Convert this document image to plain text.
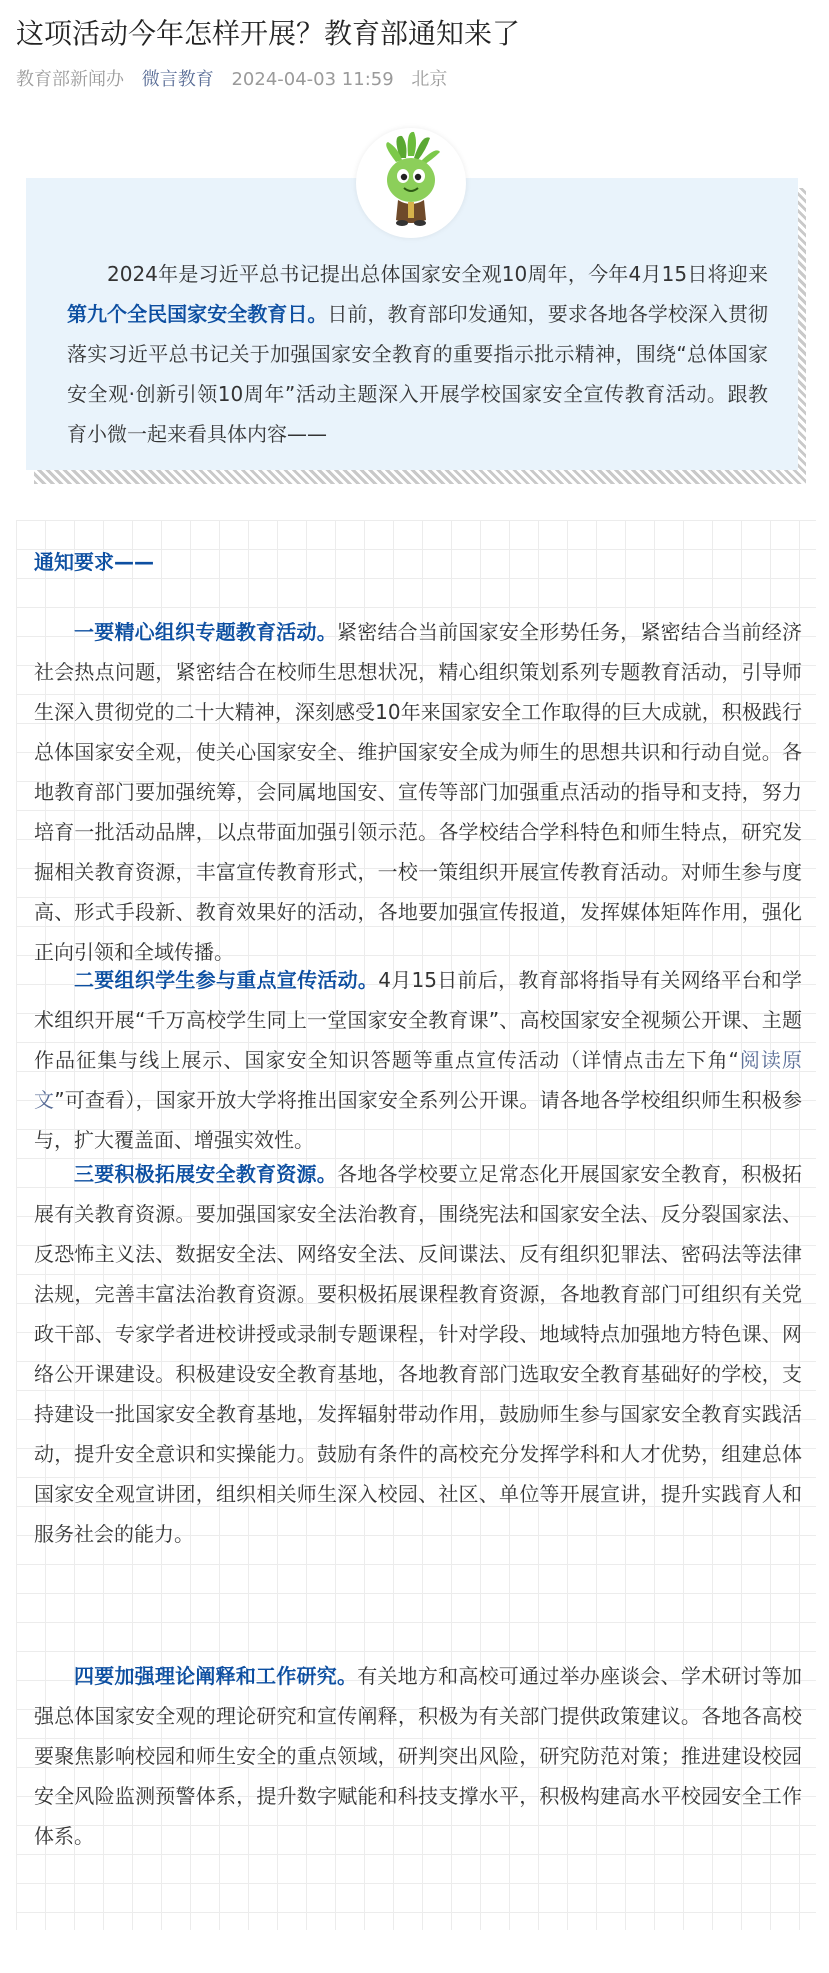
这项活动今年怎样开展？教育部通知来了
教育部新闻办 微言教育 2024-04-03 11:59 北京

2024年是习近平总书记提出总体国家安全观10周年，今年4月15日将迎来第九个全民国家安全教育日。日前，教育部印发通知，要求各地各学校深入贯彻落实习近平总书记关于加强国家安全教育的重要指示批示精神，围绕“总体国家安全观·创新引领10周年”活动主题深入开展学校国家安全宣传教育活动。跟教育小微一起来看具体内容——

通知要求——

一要精心组织专题教育活动。紧密结合当前国家安全形势任务，紧密结合当前经济社会热点问题，紧密结合在校师生思想状况，精心组织策划系列专题教育活动，引导师生深入贯彻党的二十大精神，深刻感受10年来国家安全工作取得的巨大成就，积极践行总体国家安全观，使关心国家安全、维护国家安全成为师生的思想共识和行动自觉。各地教育部门要加强统筹，会同属地国安、宣传等部门加强重点活动的指导和支持，努力培育一批活动品牌，以点带面加强引领示范。各学校结合学科特色和师生特点，研究发掘相关教育资源，丰富宣传教育形式，一校一策组织开展宣传教育活动。对师生参与度高、形式手段新、教育效果好的活动，各地要加强宣传报道，发挥媒体矩阵作用，强化正向引领和全域传播。

二要组织学生参与重点宣传活动。4月15日前后，教育部将指导有关网络平台和学术组织开展“千万高校学生同上一堂国家安全教育课”、高校国家安全视频公开课、主题作品征集与线上展示、国家安全知识答题等重点宣传活动（详情点击左下角“阅读原文”可查看），国家开放大学将推出国家安全系列公开课。请各地各学校组织师生积极参与，扩大覆盖面、增强实效性。

三要积极拓展安全教育资源。各地各学校要立足常态化开展国家安全教育，积极拓展有关教育资源。要加强国家安全法治教育，围绕宪法和国家安全法、反分裂国家法、反恐怖主义法、数据安全法、网络安全法、反间谍法、反有组织犯罪法、密码法等法律法规，完善丰富法治教育资源。要积极拓展课程教育资源，各地教育部门可组织有关党政干部、专家学者进校讲授或录制专题课程，针对学段、地域特点加强地方特色课、网络公开课建设。积极建设安全教育基地，各地教育部门选取安全教育基础好的学校，支持建设一批国家安全教育基地，发挥辐射带动作用，鼓励师生参与国家安全教育实践活动，提升安全意识和实操能力。鼓励有条件的高校充分发挥学科和人才优势，组建总体国家安全观宣讲团，组织相关师生深入校园、社区、单位等开展宣讲，提升实践育人和服务社会的能力。

四要加强理论阐释和工作研究。有关地方和高校可通过举办座谈会、学术研讨等加强总体国家安全观的理论研究和宣传阐释，积极为有关部门提供政策建议。各地各高校要聚焦影响校园和师生安全的重点领域，研判突出风险，研究防范对策；推进建设校园安全风险监测预警体系，提升数字赋能和科技支撑水平，积极构建高水平校园安全工作体系。
